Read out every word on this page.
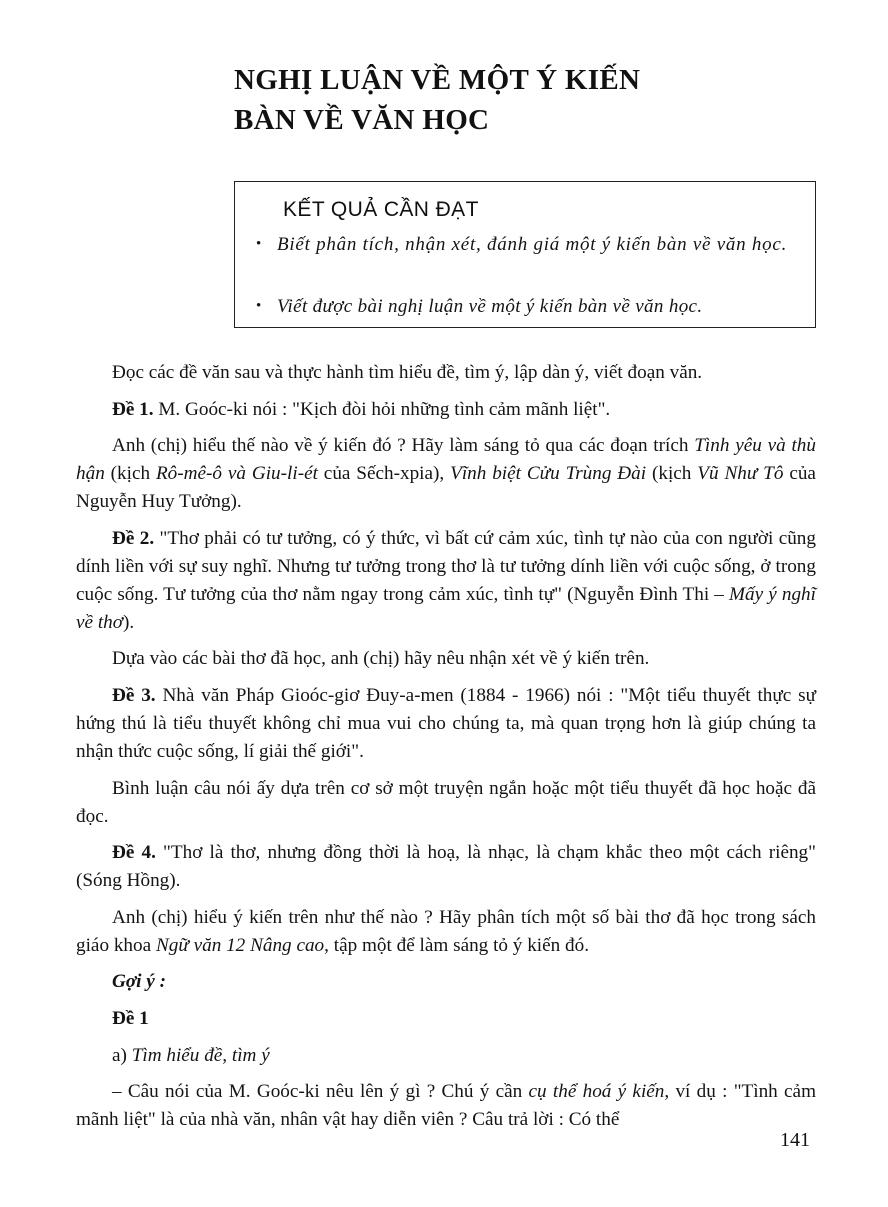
NGHỊ LUẬN VỀ MỘT Ý KIẾN
BÀN VỀ VĂN HỌC
KẾT QUẢ CẦN ĐẠT
• Biết phân tích, nhận xét, đánh giá một ý kiến bàn về văn học.
• Viết được bài nghị luận về một ý kiến bàn về văn học.

Đọc các đề văn sau và thực hành tìm hiểu đề, tìm ý, lập dàn ý, viết đoạn văn.

Đề 1. M. Goóc-ki nói : "Kịch đòi hỏi những tình cảm mãnh liệt".

Anh (chị) hiểu thế nào về ý kiến đó ? Hãy làm sáng tỏ qua các đoạn trích Tình yêu và thù hận (kịch Rô-mê-ô và Giu-li-ét của Sếch-xpia), Vĩnh biệt Cửu Trùng Đài (kịch Vũ Như Tô của Nguyễn Huy Tưởng).

Đề 2. "Thơ phải có tư tưởng, có ý thức, vì bất cứ cảm xúc, tình tự nào của con người cũng dính liền với sự suy nghĩ. Nhưng tư tưởng trong thơ là tư tưởng dính liền với cuộc sống, ở trong cuộc sống. Tư tưởng của thơ nằm ngay trong cảm xúc, tình tự" (Nguyễn Đình Thi – Mấy ý nghĩ về thơ).

Dựa vào các bài thơ đã học, anh (chị) hãy nêu nhận xét về ý kiến trên.

Đề 3. Nhà văn Pháp Gioóc-giơ Đuy-a-men (1884 - 1966) nói : "Một tiểu thuyết thực sự hứng thú là tiểu thuyết không chỉ mua vui cho chúng ta, mà quan trọng hơn là giúp chúng ta nhận thức cuộc sống, lí giải thế giới".

Bình luận câu nói ấy dựa trên cơ sở một truyện ngắn hoặc một tiểu thuyết đã học hoặc đã đọc.

Đề 4. "Thơ là thơ, nhưng đồng thời là hoạ, là nhạc, là chạm khắc theo một cách riêng" (Sóng Hồng).

Anh (chị) hiểu ý kiến trên như thế nào ? Hãy phân tích một số bài thơ đã học trong sách giáo khoa Ngữ văn 12 Nâng cao, tập một để làm sáng tỏ ý kiến đó.

Gợi ý :

Đề 1

a) Tìm hiểu đề, tìm ý

– Câu nói của M. Goóc-ki nêu lên ý gì ? Chú ý cần cụ thể hoá ý kiến, ví dụ : "Tình cảm mãnh liệt" là của nhà văn, nhân vật hay diễn viên ? Câu trả lời : Có thể

141
